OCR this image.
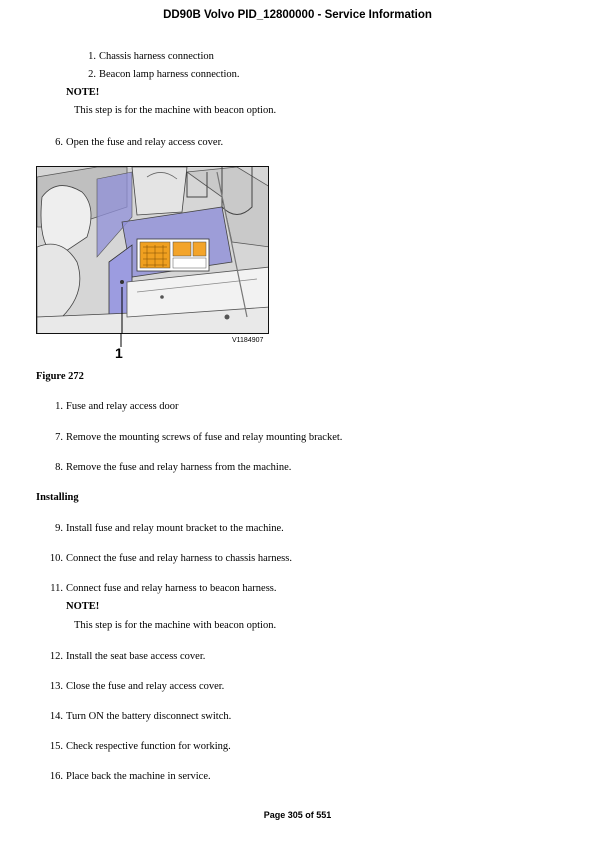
DD90B Volvo PID_12800000 - Service Information
1. Chassis harness connection
2. Beacon lamp harness connection.
NOTE!
This step is for the machine with beacon option.
6. Open the fuse and relay access cover.
1
V1184907
Figure 272
1. Fuse and relay access door
7. Remove the mounting screws of fuse and relay mounting bracket.
8. Remove the fuse and relay harness from the machine.
Installing
9. Install fuse and relay mount bracket to the machine.
10. Connect the fuse and relay harness to chassis harness.
11. Connect fuse and relay harness to beacon harness.
NOTE!
This step is for the machine with beacon option.
12. Install the seat base access cover.
13. Close the fuse and relay access cover.
14. Turn ON the battery disconnect switch.
15. Check respective function for working.
16. Place back the machine in service.
Page 305 of 551
